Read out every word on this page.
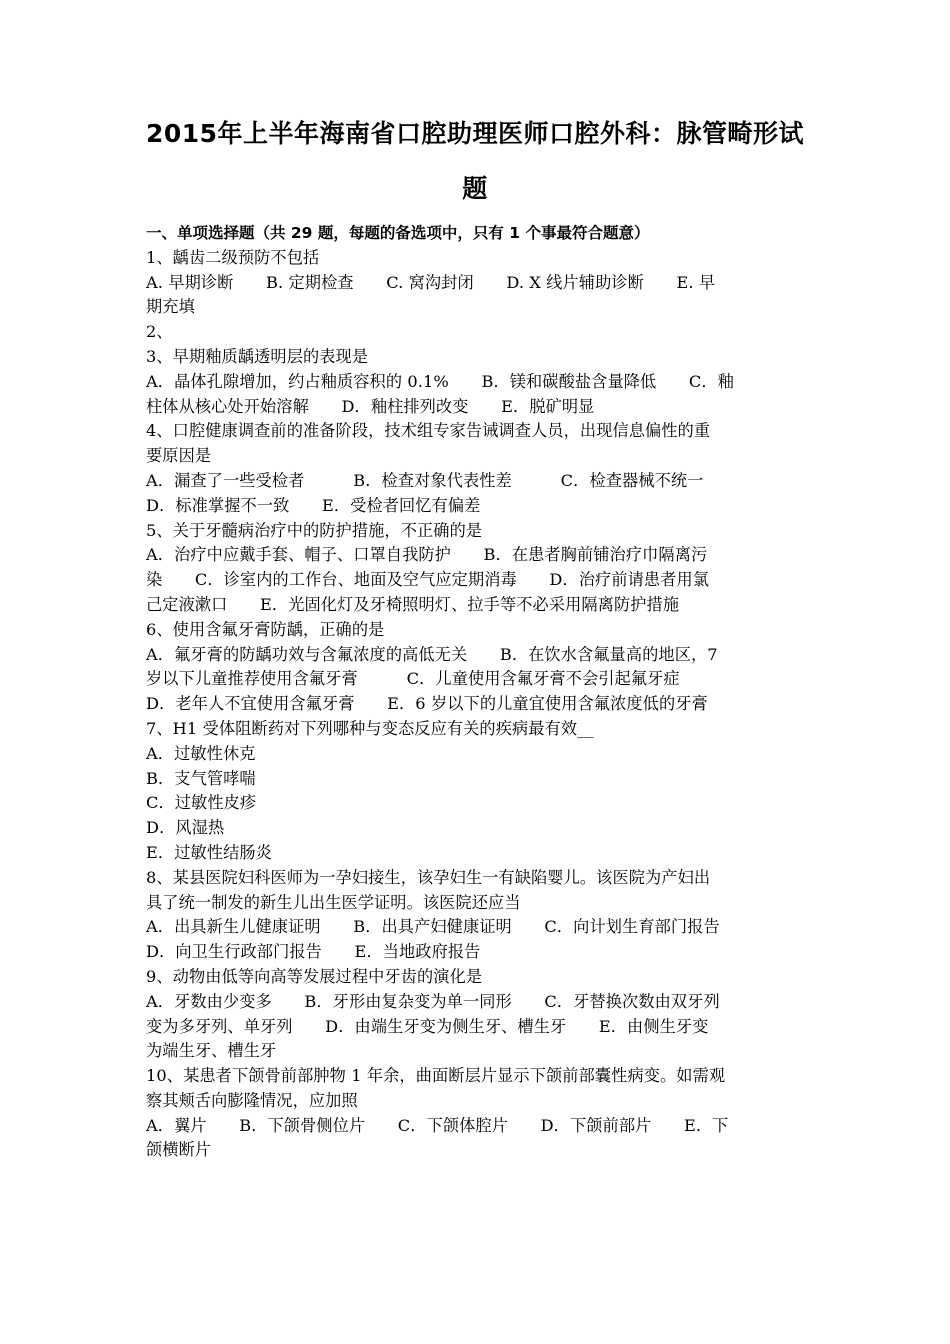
2015年上半年海南省口腔助理医师口腔外科：脉管畸形试
题
一、单项选择题（共 29 题，每题的备选项中，只有 1 个事最符合题意）
1、龋齿二级预防不包括
A. 早期诊断　　B. 定期检查　　C. 窝沟封闭　　D. X 线片辅助诊断　　E. 早
期充填
2、
3、早期釉质龋透明层的表现是
A．晶体孔隙增加，约占釉质容积的 0.1%　　B．镁和碳酸盐含量降低　　C．釉
柱体从核心处开始溶解　　D．釉柱排列改变　　E．脱矿明显
4、口腔健康调查前的准备阶段，技术组专家告诫调查人员，出现信息偏性的重
要原因是
A．漏查了一些受检者　　　B．检查对象代表性差　　　C．检查器械不统一
D．标准掌握不一致　　E．受检者回忆有偏差
5、关于牙髓病治疗中的防护措施，不正确的是
A．治疗中应戴手套、帽子、口罩自我防护　　B．在患者胸前铺治疗巾隔离污
染　　C．诊室内的工作台、地面及空气应定期消毒　　D．治疗前请患者用氯
己定液漱口　　E．光固化灯及牙椅照明灯、拉手等不必采用隔离防护措施
6、使用含氟牙膏防龋，正确的是
A．氟牙膏的防龋功效与含氟浓度的高低无关　　B．在饮水含氟量高的地区，7
岁以下儿童推荐使用含氟牙膏　　　C．儿童使用含氟牙膏不会引起氟牙症
D．老年人不宜使用含氟牙膏　　E．6 岁以下的儿童宜使用含氟浓度低的牙膏
7、H1 受体阻断药对下列哪种与变态反应有关的疾病最有效__
A．过敏性休克
B．支气管哮喘
C．过敏性皮疹
D．风湿热
E．过敏性结肠炎
8、某县医院妇科医师为一孕妇接生，该孕妇生一有缺陷婴儿。该医院为产妇出
具了统一制发的新生儿出生医学证明。该医院还应当
A．出具新生儿健康证明　　B．出具产妇健康证明　　C．向计划生育部门报告
D．向卫生行政部门报告　　E．当地政府报告
9、动物由低等向高等发展过程中牙齿的演化是
A．牙数由少变多　　B．牙形由复杂变为单一同形　　C．牙替换次数由双牙列
变为多牙列、单牙列　　D．由端生牙变为侧生牙、槽生牙　　E．由侧生牙变
为端生牙、槽生牙
10、某患者下颌骨前部肿物 1 年余，曲面断层片显示下颌前部囊性病变。如需观
察其颊舌向膨隆情况，应加照
A．翼片　　B．下颌骨侧位片　　C．下颌体腔片　　D．下颌前部片　　E．下
颌横断片
